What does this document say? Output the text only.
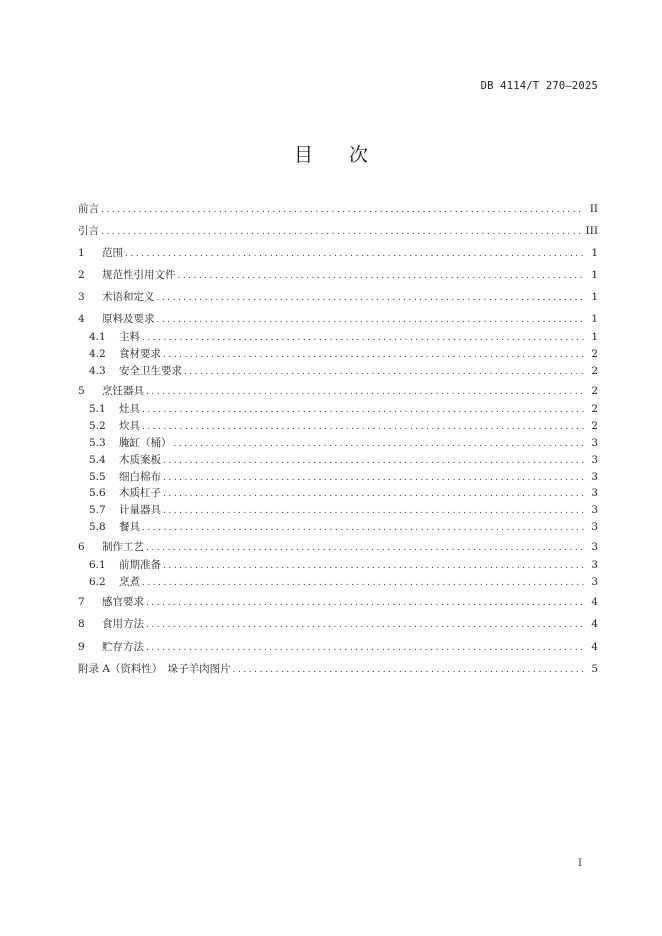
DB 4114/T 270—2025
目次
前言 .....	II
引言 .....	III
1	范围 .....	1
2	规范性引用文件 .....	1
3	术语和定义 .....	1
4	原料及要求 .....	1
4.1	主料 .....	1
4.2	食材要求 .....	2
4.3	安全卫生要求 .....	2
5	烹饪器具 .....	2
5.1	灶具 .....	2
5.2	炊具 .....	2
5.3	腌缸（桶） .....	3
5.4	木质案板 .....	3
5.5	细白棉布 .....	3
5.6	木质杠子 .....	3
5.7	计量器具 .....	3
5.8	餐具 .....	3
6	制作工艺 .....	3
6.1	前期准备 .....	3
6.2	烹煮 .....	3
7	感官要求 .....	4
8	食用方法 .....	4
9	贮存方法 .....	4
附录 A（资料性）　垛子羊肉图片 .....	5
I
